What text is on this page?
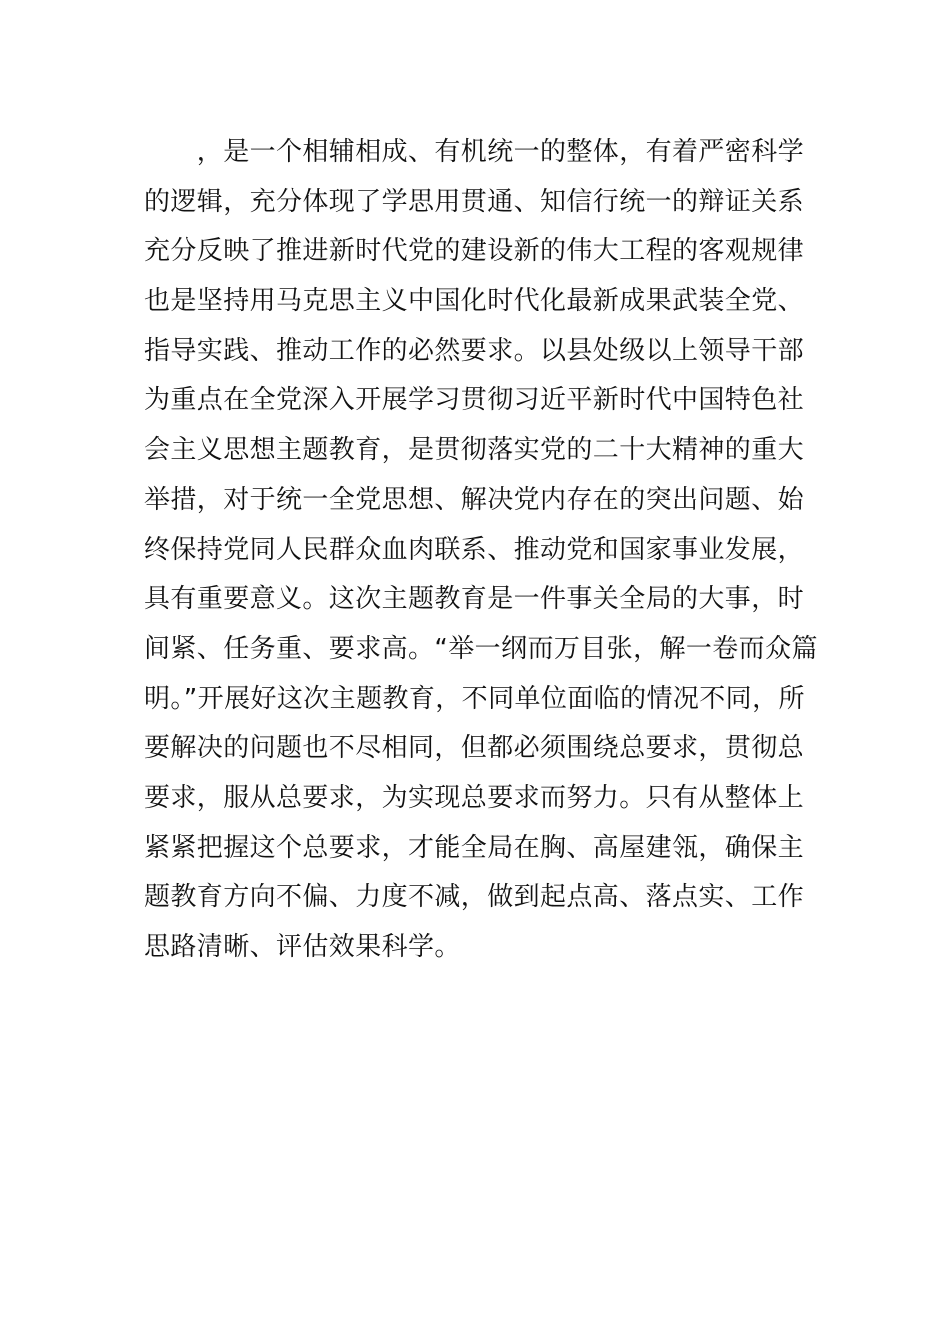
　　，是一个相辅相成、有机统一的整体，有着严密科学
的逻辑，充分体现了学思用贯通、知信行统一的辩证关系
充分反映了推进新时代党的建设新的伟大工程的客观规律
也是坚持用马克思主义中国化时代化最新成果武装全党、
指导实践、推动工作的必然要求。以县处级以上领导干部
为重点在全党深入开展学习贯彻习近平新时代中国特色社
会主义思想主题教育，是贯彻落实党的二十大精神的重大
举措，对于统一全党思想、解决党内存在的突出问题、始
终保持党同人民群众血肉联系、推动党和国家事业发展，
具有重要意义。这次主题教育是一件事关全局的大事，时
间紧、任务重、要求高。“举一纲而万目张，解一卷而众篇
明。”开展好这次主题教育，不同单位面临的情况不同，所
要解决的问题也不尽相同，但都必须围绕总要求，贯彻总
要求，服从总要求，为实现总要求而努力。只有从整体上
紧紧把握这个总要求，才能全局在胸、高屋建瓴，确保主
题教育方向不偏、力度不减，做到起点高、落点实、工作
思路清晰、评估效果科学。
